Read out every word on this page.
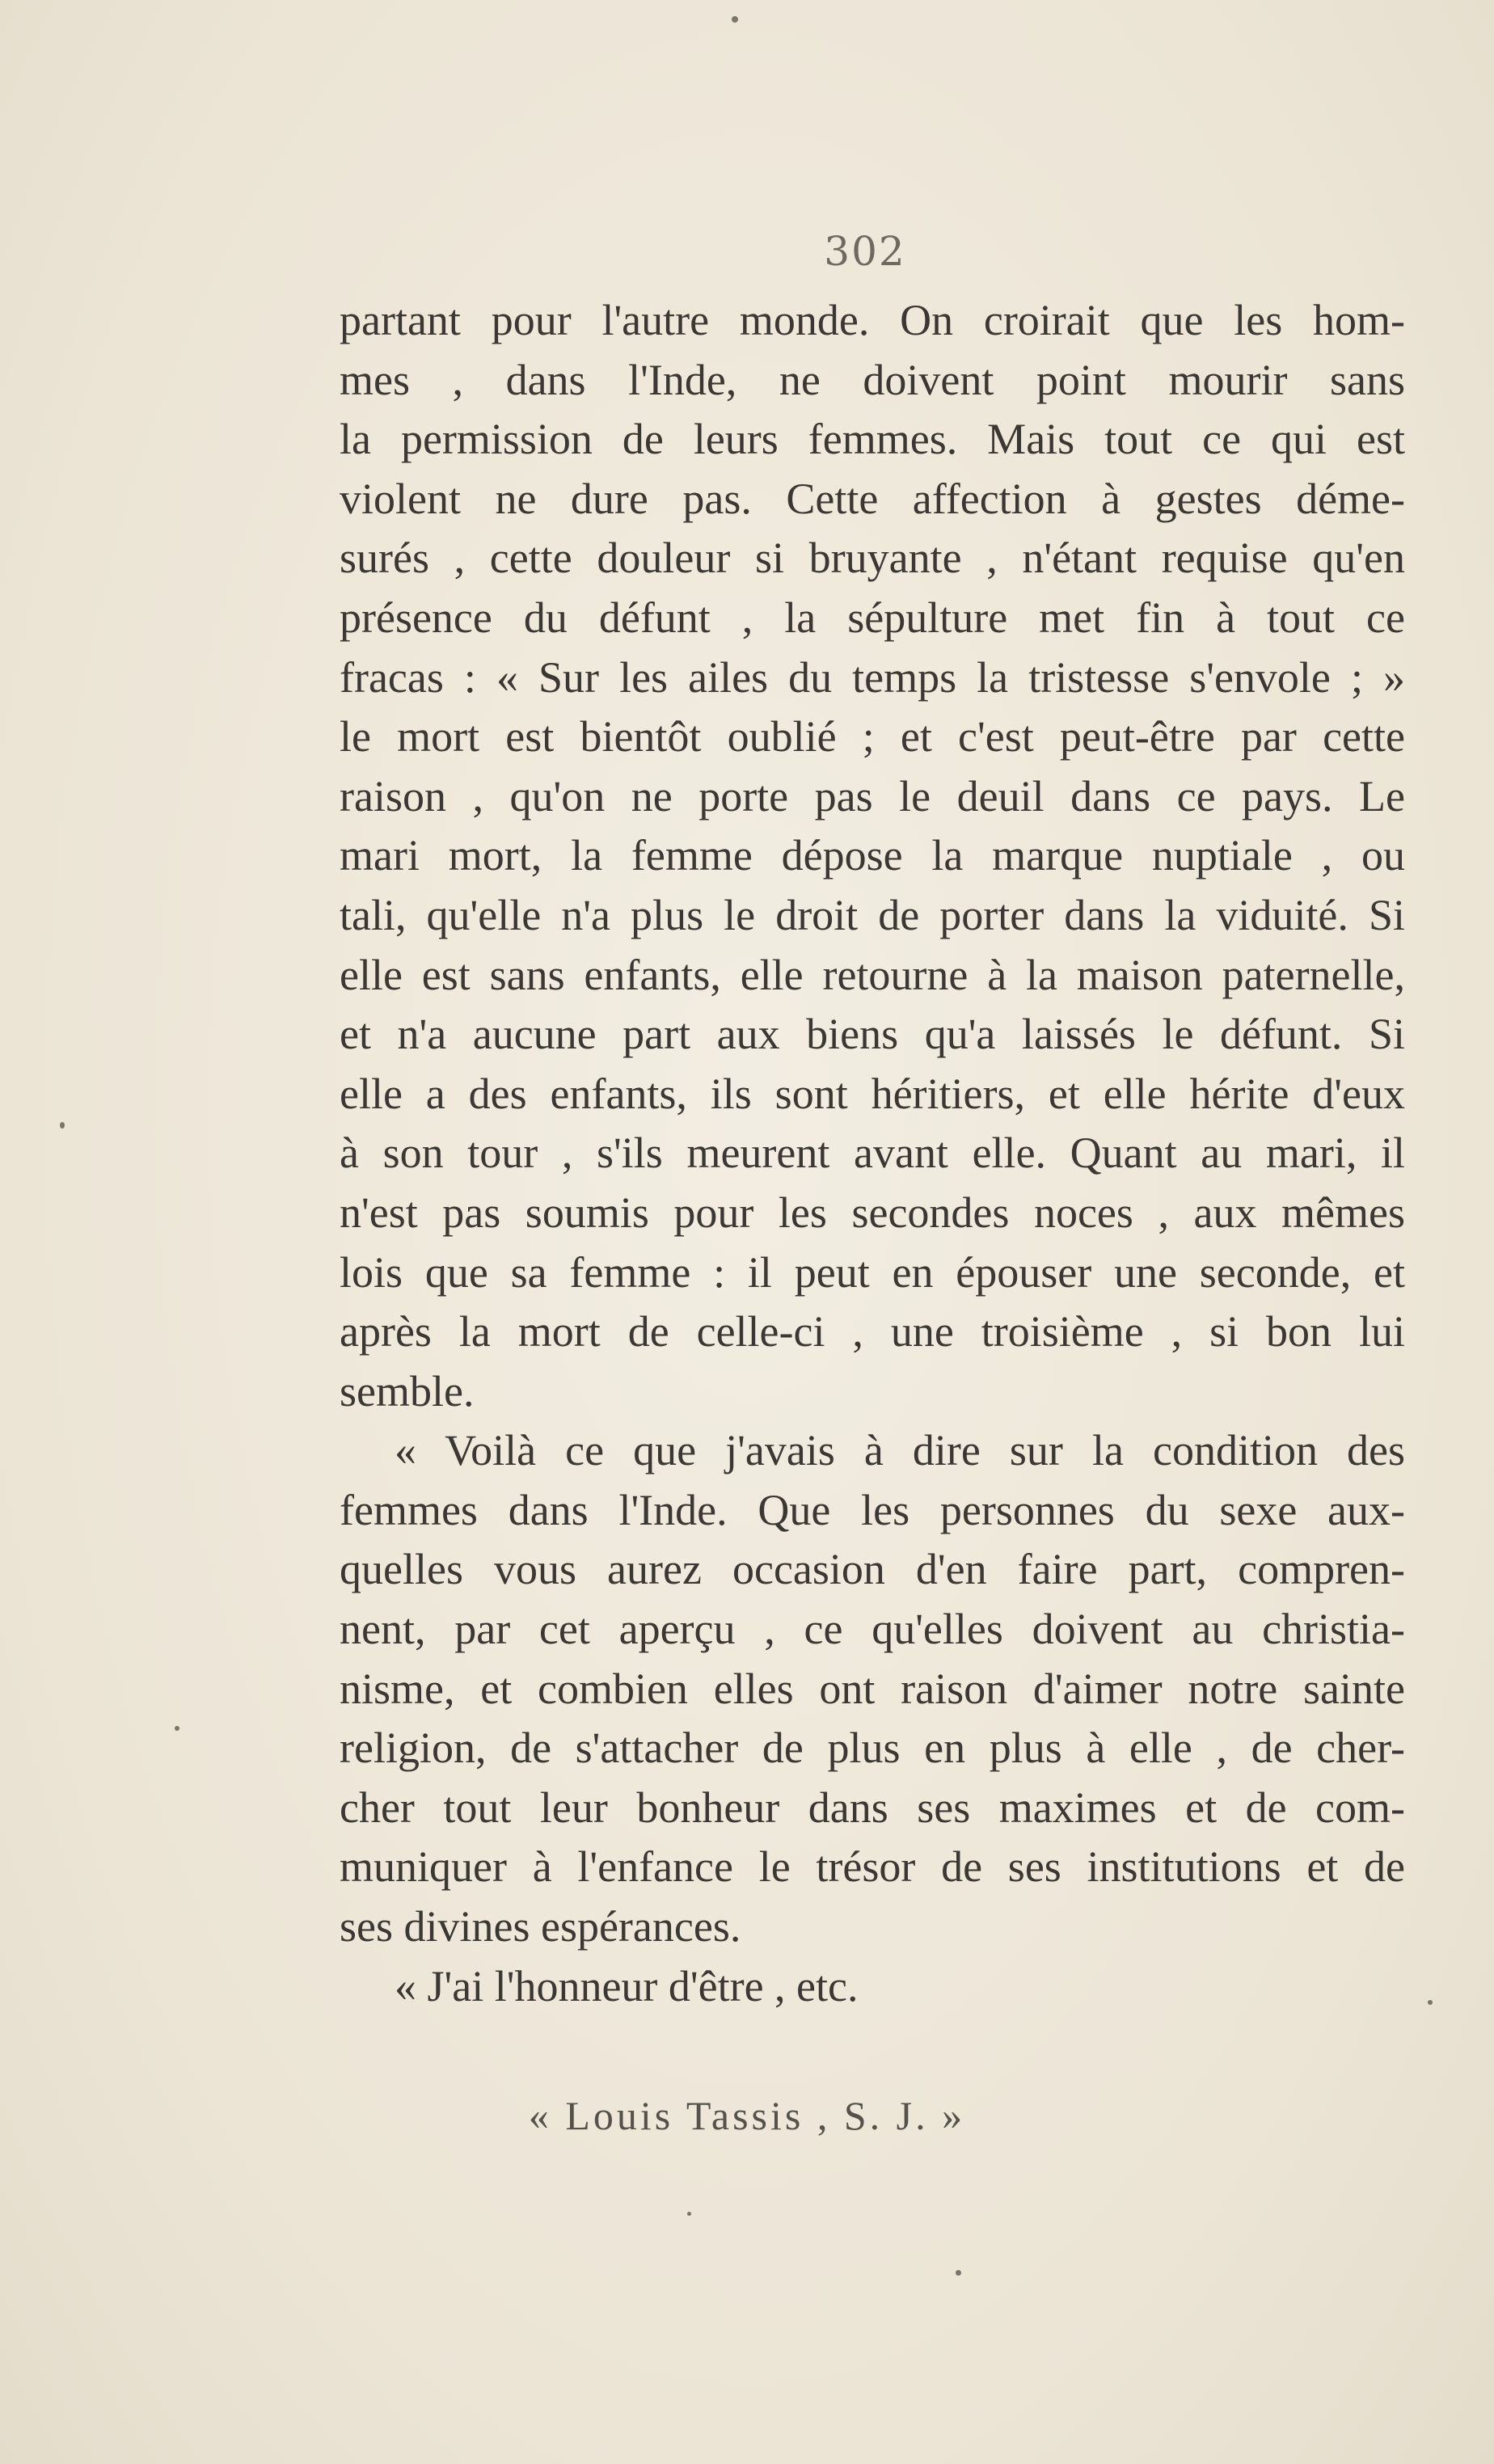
302
partant pour l'autre monde. On croirait que les hom-
mes , dans l'Inde, ne doivent point mourir sans
la permission de leurs femmes. Mais tout ce qui est
violent ne dure pas. Cette affection à gestes déme-
surés , cette douleur si bruyante , n'étant requise qu'en
présence du défunt , la sépulture met fin à tout ce
fracas : « Sur les ailes du temps la tristesse s'envole ; »
le mort est bientôt oublié ; et c'est peut-être par cette
raison , qu'on ne porte pas le deuil dans ce pays. Le
mari mort, la femme dépose la marque nuptiale , ou
tali, qu'elle n'a plus le droit de porter dans la viduité. Si
elle est sans enfants, elle retourne à la maison paternelle,
et n'a aucune part aux biens qu'a laissés le défunt. Si
elle a des enfants, ils sont héritiers, et elle hérite d'eux
à son tour , s'ils meurent avant elle. Quant au mari, il
n'est pas soumis pour les secondes noces , aux mêmes
lois que sa femme : il peut en épouser une seconde, et
après la mort de celle-ci , une troisième , si bon lui
semble.
« Voilà ce que j'avais à dire sur la condition des
femmes dans l'Inde. Que les personnes du sexe aux-
quelles vous aurez occasion d'en faire part, compren-
nent, par cet aperçu , ce qu'elles doivent au christia-
nisme, et combien elles ont raison d'aimer notre sainte
religion, de s'attacher de plus en plus à elle , de cher-
cher tout leur bonheur dans ses maximes et de com-
muniquer à l'enfance le trésor de ses institutions et de
ses divines espérances.
« J'ai l'honneur d'être , etc.
« Louis Tassis , S. J. »
